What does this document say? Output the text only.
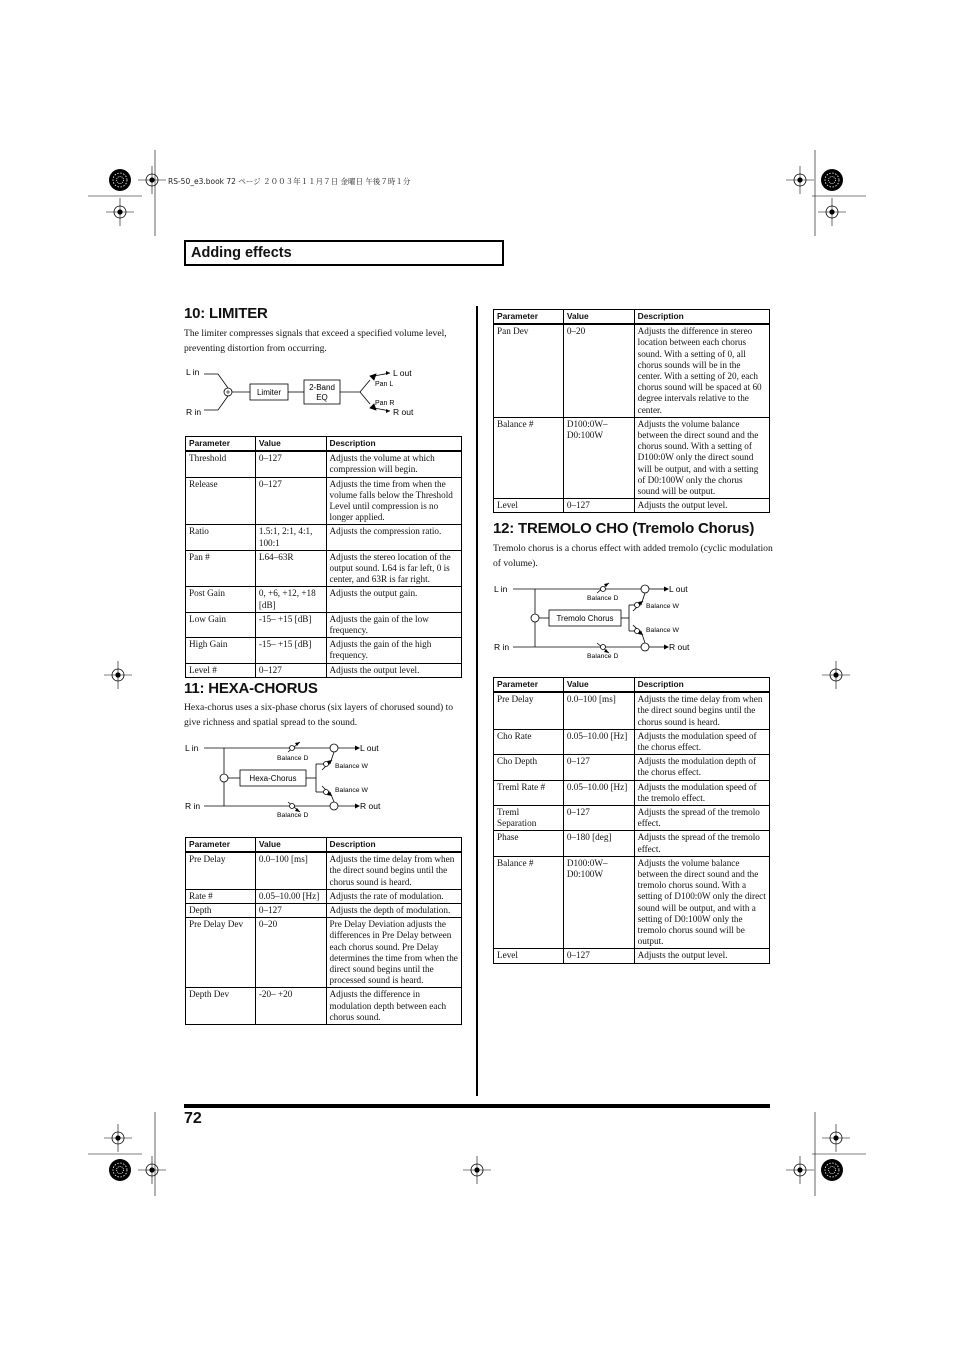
RS-50_e3.book 72 ページ ２００３年１１月７日 金曜日 午後７時１分
Adding effects
10: LIMITER
The limiter compresses signals that exceed a specified volume level, preventing distortion from occurring.
L in
R in
Limiter
2-Band
EQ
Pan L
Pan R
L out
R out
Parameter	Value	Description
Threshold	0–127	Adjusts the volume at which compression will begin.
Release	0–127	Adjusts the time from when the volume falls below the Threshold Level until compression is no longer applied.
Ratio	1.5:1, 2:1, 4:1, 100:1	Adjusts the compression ratio.
Pan #	L64–63R	Adjusts the stereo location of the output sound. L64 is far left, 0 is center, and 63R is far right.
Post Gain	0, +6, +12, +18 [dB]	Adjusts the output gain.
Low Gain	-15– +15 [dB]	Adjusts the gain of the low frequency.
High Gain	-15– +15 [dB]	Adjusts the gain of the high frequency.
Level #	0–127	Adjusts the output level.
11: HEXA-CHORUS
Hexa-chorus uses a six-phase chorus (six layers of chorused sound) to give richness and spatial spread to the sound.
L in
R in
Hexa-Chorus
Balance D
Balance D
Balance W
Balance W
L out
R out
Parameter	Value	Description
Pre Delay	0.0–100 [ms]	Adjusts the time delay from when the direct sound begins until the chorus sound is heard.
Rate #	0.05–10.00 [Hz]	Adjusts the rate of modulation.
Depth	0–127	Adjusts the depth of modulation.
Pre Delay Dev	0–20	Pre Delay Deviation adjusts the differences in Pre Delay between each chorus sound. Pre Delay determines the time from when the direct sound begins until the processed sound is heard.
Depth Dev	-20– +20	Adjusts the difference in modulation depth between each chorus sound.
Parameter	Value	Description
Pan Dev	0–20	Adjusts the difference in stereo location between each chorus sound. With a setting of 0, all chorus sounds will be in the center. With a setting of 20, each chorus sound will be spaced at 60 degree intervals relative to the center.
Balance #	D100:0W–D0:100W	Adjusts the volume balance between the direct sound and the chorus sound. With a setting of D100:0W only the direct sound will be output, and with a setting of D0:100W only the chorus sound will be output.
Level	0–127	Adjusts the output level.
12: TREMOLO CHO (Tremolo Chorus)
Tremolo chorus is a chorus effect with added tremolo (cyclic modulation of volume).
L in
R in
Tremolo Chorus
Balance D
Balance D
Balance W
Balance W
L out
R out
Parameter	Value	Description
Pre Delay	0.0–100 [ms]	Adjusts the time delay from when the direct sound begins until the chorus sound is heard.
Cho Rate	0.05–10.00 [Hz]	Adjusts the modulation speed of the chorus effect.
Cho Depth	0–127	Adjusts the modulation depth of the chorus effect.
Treml Rate #	0.05–10.00 [Hz]	Adjusts the modulation speed of the tremolo effect.
Treml Separation	0–127	Adjusts the spread of the tremolo effect.
Phase	0–180 [deg]	Adjusts the spread of the tremolo effect.
Balance #	D100:0W–D0:100W	Adjusts the volume balance between the direct sound and the tremolo chorus sound. With a setting of D100:0W only the direct sound will be output, and with a setting of D0:100W only the tremolo chorus sound will be output.
Level	0–127	Adjusts the output level.
72
